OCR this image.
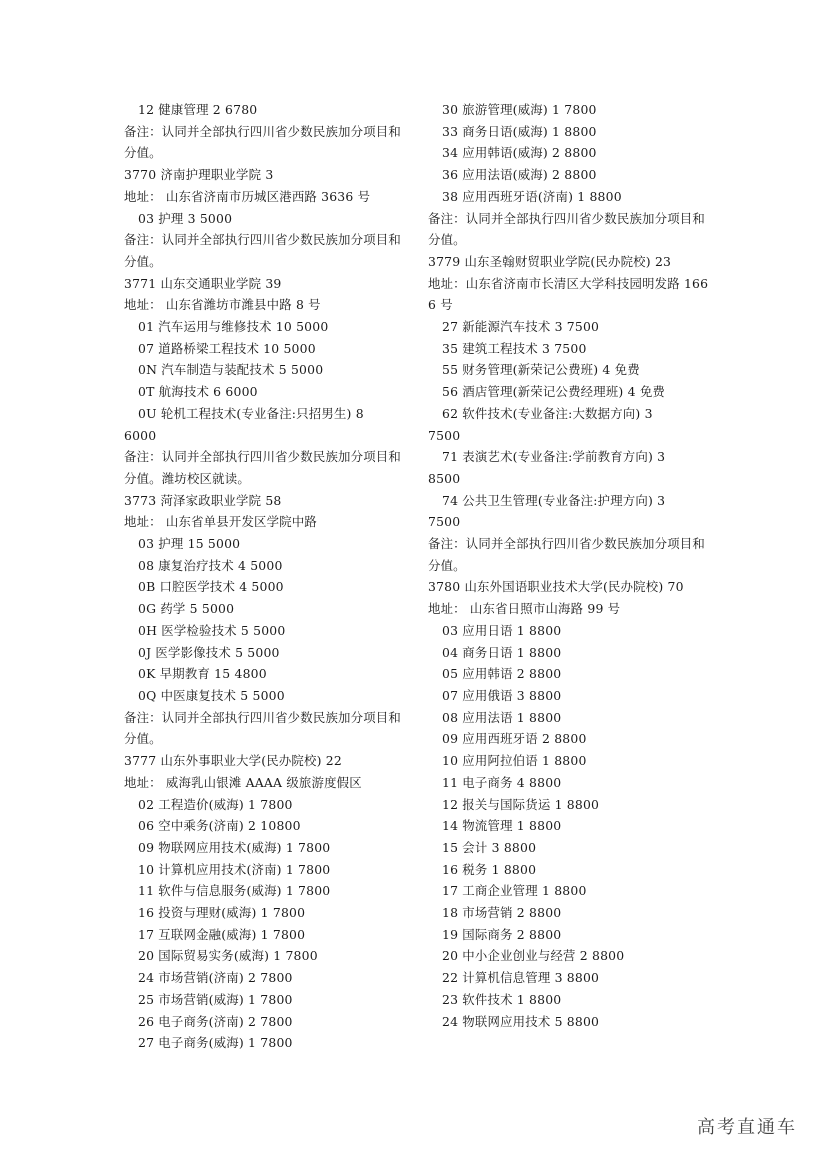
12 健康管理 2 6780
备注：认同并全部执行四川省少数民族加分项目和分值。
3770 济南护理职业学院 3
地址： 山东省济南市历城区港西路 3636 号
03 护理 3 5000
备注：认同并全部执行四川省少数民族加分项目和分值。
3771 山东交通职业学院 39
地址： 山东省潍坊市潍县中路 8 号
01 汽车运用与维修技术 10 5000
07 道路桥梁工程技术 10 5000
0N 汽车制造与装配技术 5 5000
0T 航海技术 6 6000
0U 轮机工程技术(专业备注:只招男生) 8
6000
备注：认同并全部执行四川省少数民族加分项目和分值。潍坊校区就读。
3773 菏泽家政职业学院 58
地址： 山东省单县开发区学院中路
03 护理 15 5000
08 康复治疗技术 4 5000
0B 口腔医学技术 4 5000
0G 药学 5 5000
0H 医学检验技术 5 5000
0J 医学影像技术 5 5000
0K 早期教育 15 4800
0Q 中医康复技术 5 5000
备注：认同并全部执行四川省少数民族加分项目和分值。
3777 山东外事职业大学(民办院校) 22
地址： 威海乳山银滩 AAAA 级旅游度假区
02 工程造价(威海) 1 7800
06 空中乘务(济南) 2 10800
09 物联网应用技术(威海) 1 7800
10 计算机应用技术(济南) 1 7800
11 软件与信息服务(威海) 1 7800
16 投资与理财(威海) 1 7800
17 互联网金融(威海) 1 7800
20 国际贸易实务(威海) 1 7800
24 市场营销(济南) 2 7800
25 市场营销(威海) 1 7800
26 电子商务(济南) 2 7800
27 电子商务(威海) 1 7800
30 旅游管理(威海) 1 7800
33 商务日语(威海) 1 8800
34 应用韩语(威海) 2 8800
36 应用法语(威海) 2 8800
38 应用西班牙语(济南) 1 8800
备注：认同并全部执行四川省少数民族加分项目和分值。
3779 山东圣翰财贸职业学院(民办院校) 23
地址：山东省济南市长清区大学科技园明发路 1666 号
27 新能源汽车技术 3 7500
35 建筑工程技术 3 7500
55 财务管理(新荣记公费班) 4 免费
56 酒店管理(新荣记公费经理班) 4 免费
62 软件技术(专业备注:大数据方向) 3
7500
71 表演艺术(专业备注:学前教育方向) 3
8500
74 公共卫生管理(专业备注:护理方向) 3
7500
备注：认同并全部执行四川省少数民族加分项目和分值。
3780 山东外国语职业技术大学(民办院校) 70
地址： 山东省日照市山海路 99 号
03 应用日语 1 8800
04 商务日语 1 8800
05 应用韩语 2 8800
07 应用俄语 3 8800
08 应用法语 1 8800
09 应用西班牙语 2 8800
10 应用阿拉伯语 1 8800
11 电子商务 4 8800
12 报关与国际货运 1 8800
14 物流管理 1 8800
15 会计 3 8800
16 税务 1 8800
17 工商企业管理 1 8800
18 市场营销 2 8800
19 国际商务 2 8800
20 中小企业创业与经营 2 8800
22 计算机信息管理 3 8800
23 软件技术 1 8800
24 物联网应用技术 5 8800
高考直通车
